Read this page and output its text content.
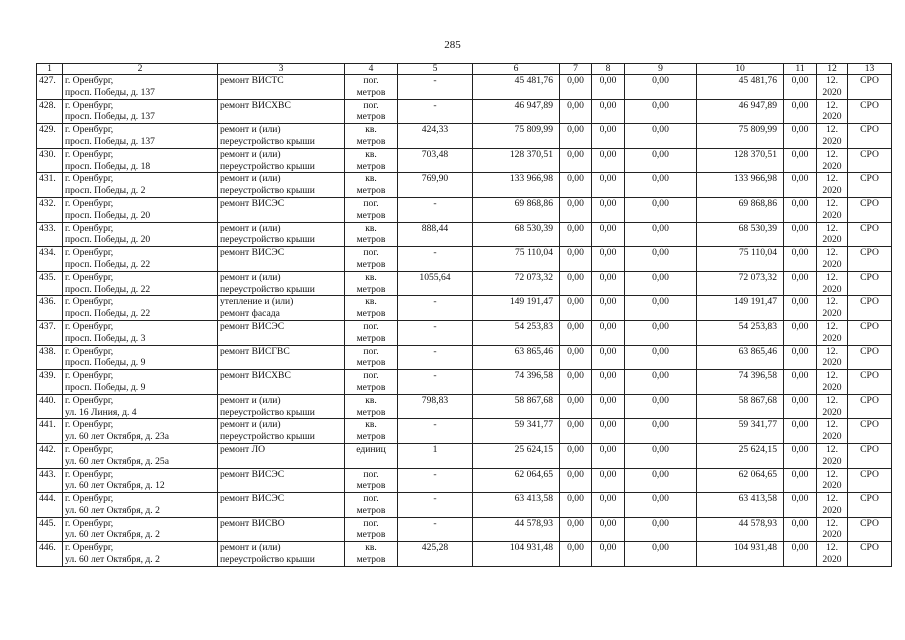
285
1	2	3	4	5	6	7	8	9	10	11	12	13
427.	г. Оренбург,
просп. Победы, д. 137	ремонт ВИСТС	пог.
метров	-	45 481,76	0,00	0,00	0,00	45 481,76	0,00	12.
2020	СРО
428.	г. Оренбург,
просп. Победы, д. 137	ремонт ВИСХВС	пог.
метров	-	46 947,89	0,00	0,00	0,00	46 947,89	0,00	12.
2020	СРО
429.	г. Оренбург,
просп. Победы, д. 137	ремонт и (или)
переустройство крыши	кв.
метров	424,33	75 809,99	0,00	0,00	0,00	75 809,99	0,00	12.
2020	СРО
430.	г. Оренбург,
просп. Победы, д. 18	ремонт и (или)
переустройство крыши	кв.
метров	703,48	128 370,51	0,00	0,00	0,00	128 370,51	0,00	12.
2020	СРО
431.	г. Оренбург,
просп. Победы, д. 2	ремонт и (или)
переустройство крыши	кв.
метров	769,90	133 966,98	0,00	0,00	0,00	133 966,98	0,00	12.
2020	СРО
432.	г. Оренбург,
просп. Победы, д. 20	ремонт ВИСЭС	пог.
метров	-	69 868,86	0,00	0,00	0,00	69 868,86	0,00	12.
2020	СРО
433.	г. Оренбург,
просп. Победы, д. 20	ремонт и (или)
переустройство крыши	кв.
метров	888,44	68 530,39	0,00	0,00	0,00	68 530,39	0,00	12.
2020	СРО
434.	г. Оренбург,
просп. Победы, д. 22	ремонт ВИСЭС	пог.
метров	-	75 110,04	0,00	0,00	0,00	75 110,04	0,00	12.
2020	СРО
435.	г. Оренбург,
просп. Победы, д. 22	ремонт и (или)
переустройство крыши	кв.
метров	1055,64	72 073,32	0,00	0,00	0,00	72 073,32	0,00	12.
2020	СРО
436.	г. Оренбург,
просп. Победы, д. 22	утепление и (или)
ремонт фасада	кв.
метров	-	149 191,47	0,00	0,00	0,00	149 191,47	0,00	12.
2020	СРО
437.	г. Оренбург,
просп. Победы, д. 3	ремонт ВИСЭС	пог.
метров	-	54 253,83	0,00	0,00	0,00	54 253,83	0,00	12.
2020	СРО
438.	г. Оренбург,
просп. Победы, д. 9	ремонт ВИСГВС	пог.
метров	-	63 865,46	0,00	0,00	0,00	63 865,46	0,00	12.
2020	СРО
439.	г. Оренбург,
просп. Победы, д. 9	ремонт ВИСХВС	пог.
метров	-	74 396,58	0,00	0,00	0,00	74 396,58	0,00	12.
2020	СРО
440.	г. Оренбург,
ул. 16 Линия, д. 4	ремонт и (или)
переустройство крыши	кв.
метров	798,83	58 867,68	0,00	0,00	0,00	58 867,68	0,00	12.
2020	СРО
441.	г. Оренбург,
ул. 60 лет Октября, д. 23а	ремонт и (или)
переустройство крыши	кв.
метров	-	59 341,77	0,00	0,00	0,00	59 341,77	0,00	12.
2020	СРО
442.	г. Оренбург,
ул. 60 лет Октября, д. 25а	ремонт ЛО	единиц	1	25 624,15	0,00	0,00	0,00	25 624,15	0,00	12.
2020	СРО
443.	г. Оренбург,
ул. 60 лет Октября, д. 12	ремонт ВИСЭС	пог.
метров	-	62 064,65	0,00	0,00	0,00	62 064,65	0,00	12.
2020	СРО
444.	г. Оренбург,
ул. 60 лет Октября, д. 2	ремонт ВИСЭС	пог.
метров	-	63 413,58	0,00	0,00	0,00	63 413,58	0,00	12.
2020	СРО
445.	г. Оренбург,
ул. 60 лет Октября, д. 2	ремонт ВИСВО	пог.
метров	-	44 578,93	0,00	0,00	0,00	44 578,93	0,00	12.
2020	СРО
446.	г. Оренбург,
ул. 60 лет Октября, д. 2	ремонт и (или)
переустройство крыши	кв.
метров	425,28	104 931,48	0,00	0,00	0,00	104 931,48	0,00	12.
2020	СРО
